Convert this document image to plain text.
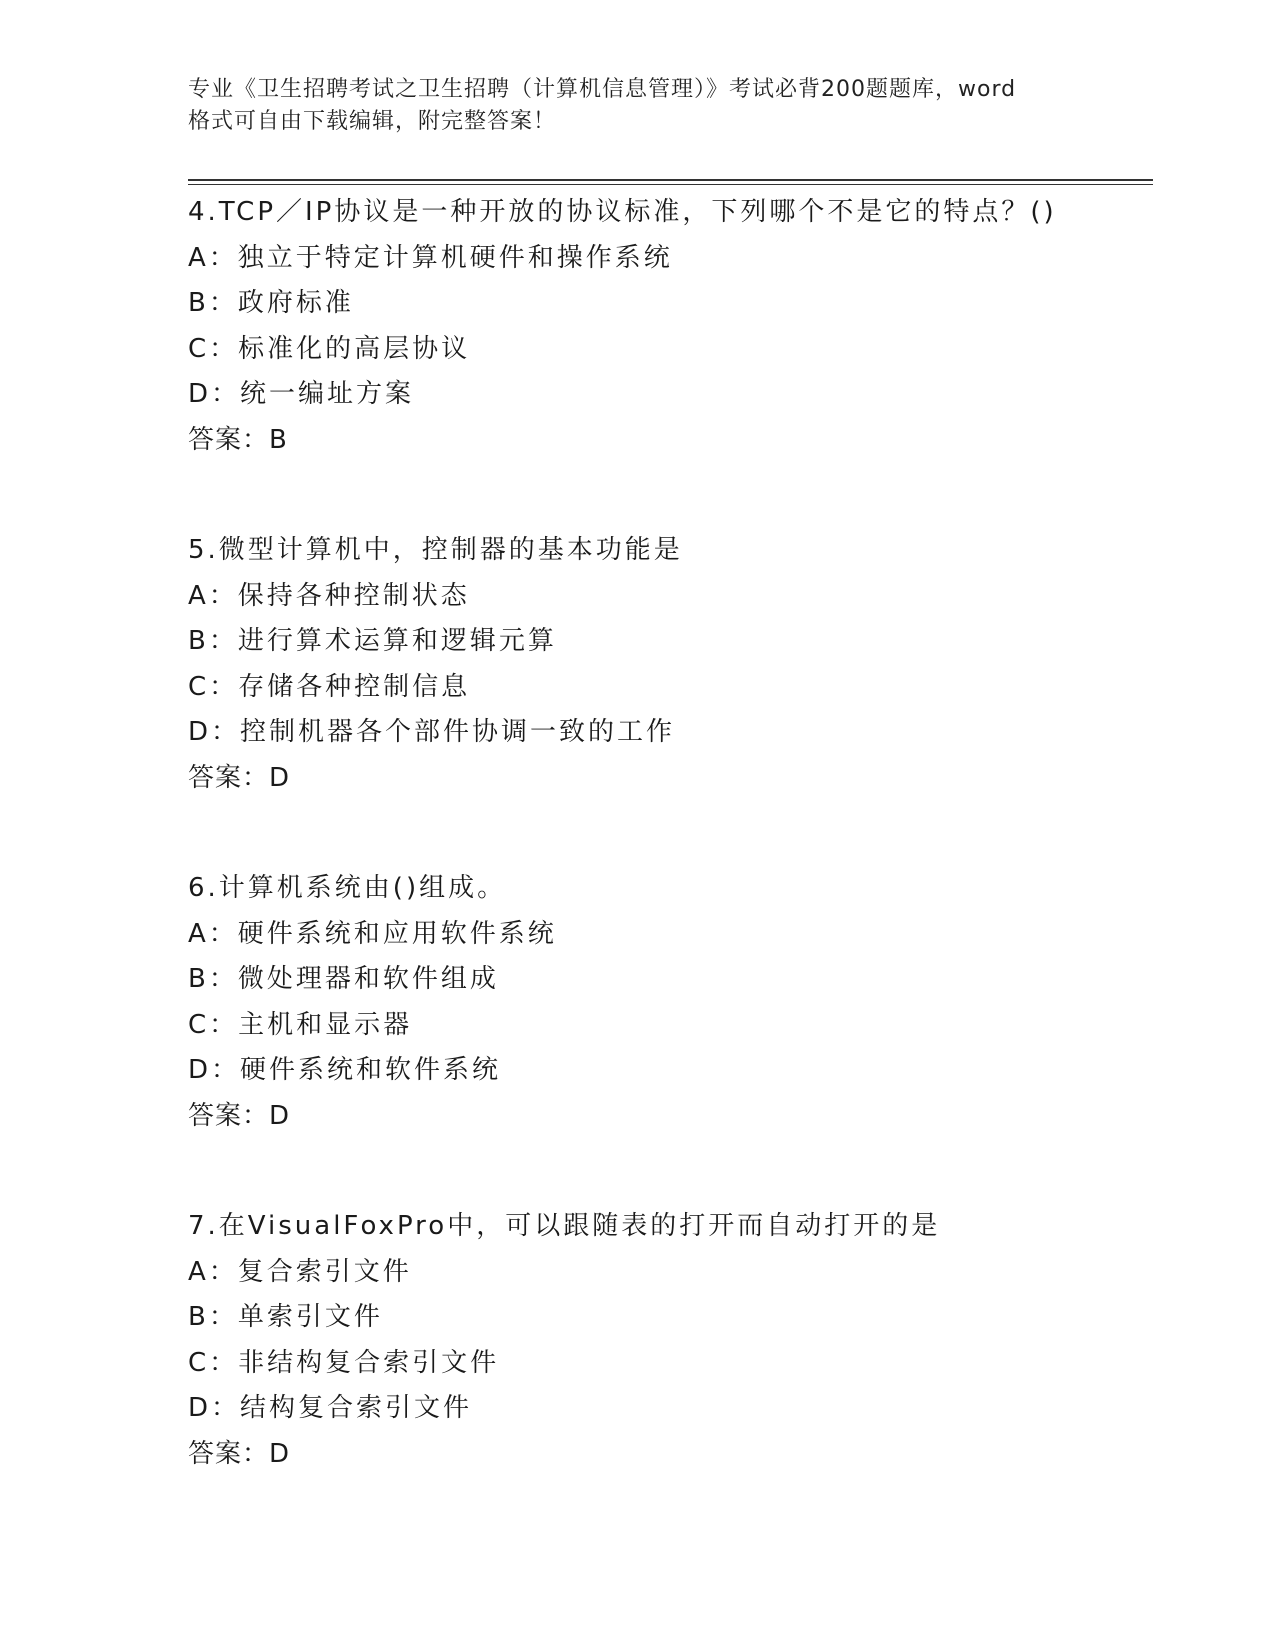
专业《卫生招聘考试之卫生招聘（计算机信息管理）》考试必背200题题库，word
格式可自由下载编辑，附完整答案！
4.TCP／IP协议是一种开放的协议标准，下列哪个不是它的特点？()
A：独立于特定计算机硬件和操作系统
B：政府标准
C：标准化的高层协议
D：统一编址方案
答案：B
5.微型计算机中，控制器的基本功能是
A：保持各种控制状态
B：进行算术运算和逻辑元算
C：存储各种控制信息
D：控制机器各个部件协调一致的工作
答案：D
6.计算机系统由()组成。
A：硬件系统和应用软件系统
B：微处理器和软件组成
C：主机和显示器
D：硬件系统和软件系统
答案：D
7.在VisualFoxPro中，可以跟随表的打开而自动打开的是
A：复合索引文件
B：单索引文件
C：非结构复合索引文件
D：结构复合索引文件
答案：D
